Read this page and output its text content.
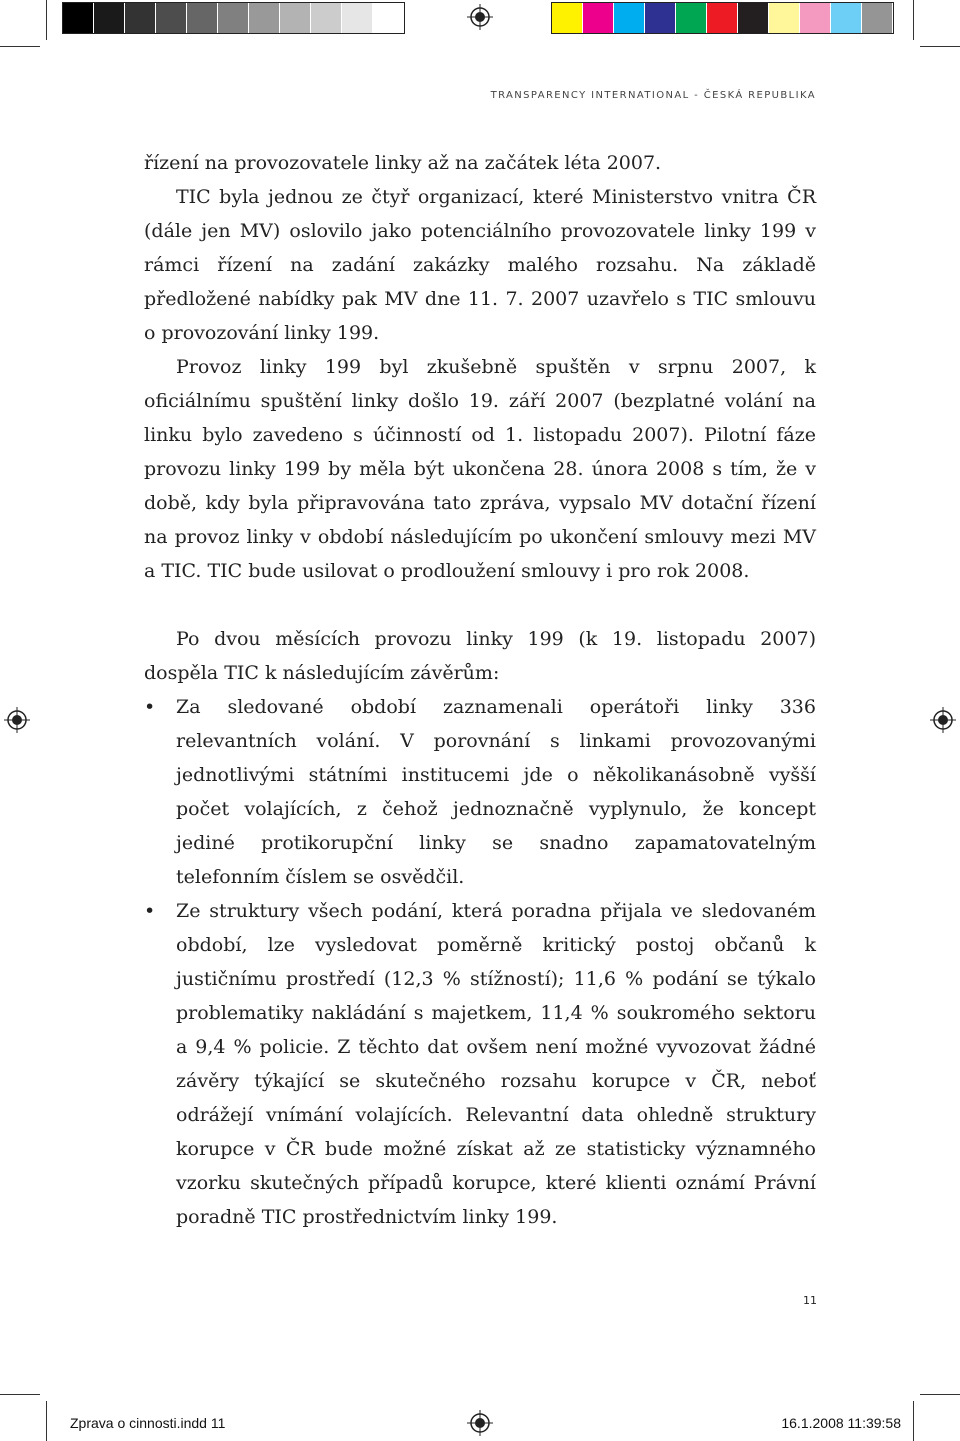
TRANSPARENCY INTERNATIONAL - ČESKÁ REPUBLIKA

řízení na provozovatele linky až na začátek léta 2007.

TIC byla jednou ze čtyř organizací, které Ministerstvo vnitra ČR (dále jen MV) oslovilo jako potenciálního provozovatele linky 199 v rámci řízení na zadání zakázky malého rozsahu. Na základě předložené nabídky pak MV dne 11. 7. 2007 uzavřelo s TIC smlouvu o provozování linky 199.

Provoz linky 199 byl zkušebně spuštěn v srpnu 2007, k oficiálnímu spuštění linky došlo 19. září 2007 (bezplatné volání na linku bylo zavedeno s účinností od 1. listopadu 2007). Pilotní fáze provozu linky 199 by měla být ukončena 28. února 2008 s tím, že v době, kdy byla připravována tato zpráva, vypsalo MV dotační řízení na provoz linky v období následujícím po ukončení smlouvy mezi MV a TIC. TIC bude usilovat o prodloužení smlouvy i pro rok 2008.

Po dvou měsících provozu linky 199 (k 19. listopadu 2007) dospěla TIC k následujícím závěrům:

• Za sledované období zaznamenali operátoři linky 336 relevantních volání. V porovnání s linkami provozovanými jednotlivými státními institucemi jde o několikanásobně vyšší počet volajících, z čehož jednoznačně vyplynulo, že koncept jediné protikorupční linky se snadno zapamatovatelným telefonním číslem se osvědčil.
• Ze struktury všech podání, která poradna přijala ve sledovaném období, lze vysledovat poměrně kritický postoj občanů k justičnímu prostředí (12,3 % stížností); 11,6 % podání se týkalo problematiky nakládání s majetkem, 11,4 % soukromého sektoru a 9,4 % policie. Z těchto dat ovšem není možné vyvozovat žádné závěry týkající se skutečného rozsahu korupce v ČR, neboť odrážejí vnímání volajících. Relevantní data ohledně struktury korupce v ČR bude možné získat až ze statisticky významného vzorku skutečných případů korupce, které klienti oznámí Právní poradně TIC prostřednictvím linky 199.
11
Zprava o cinnosti.indd 11	16.1.2008 11:39:58
